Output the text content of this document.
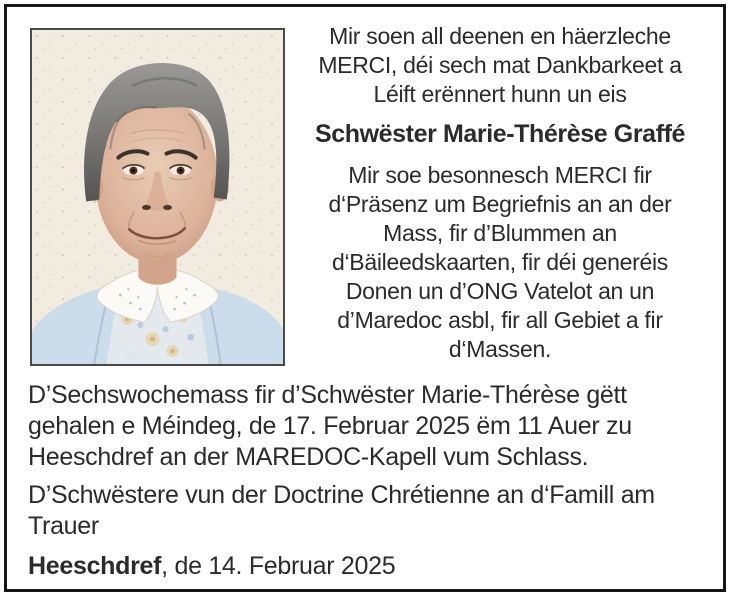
Mir soen all deenen en häerzleche
MERCI, déi sech mat Dankbarkeet a
Léift erënnert hunn un eis
Schwëster Marie-Thérèse Graffé
Mir soe besonnesch MERCI fir
d‘Präsenz um Begriefnis an an der
Mass, fir d’Blummen an
d‘Bäileedskaarten, fir déi generéis
Donen un d’ONG Vatelot an un
d’Maredoc asbl, fir all Gebiet a fir
d‘Massen.
D’Sechswochemass fir d’Schwëster Marie-Thérèse gëtt
gehalen e Méindeg, de 17. Februar 2025 ëm 11 Auer zu
Heeschdref an der MAREDOC-Kapell vum Schlass.
D’Schwëstere vun der Doctrine Chrétienne an d‘Famill am
Trauer
Heeschdref, de 14. Februar 2025
